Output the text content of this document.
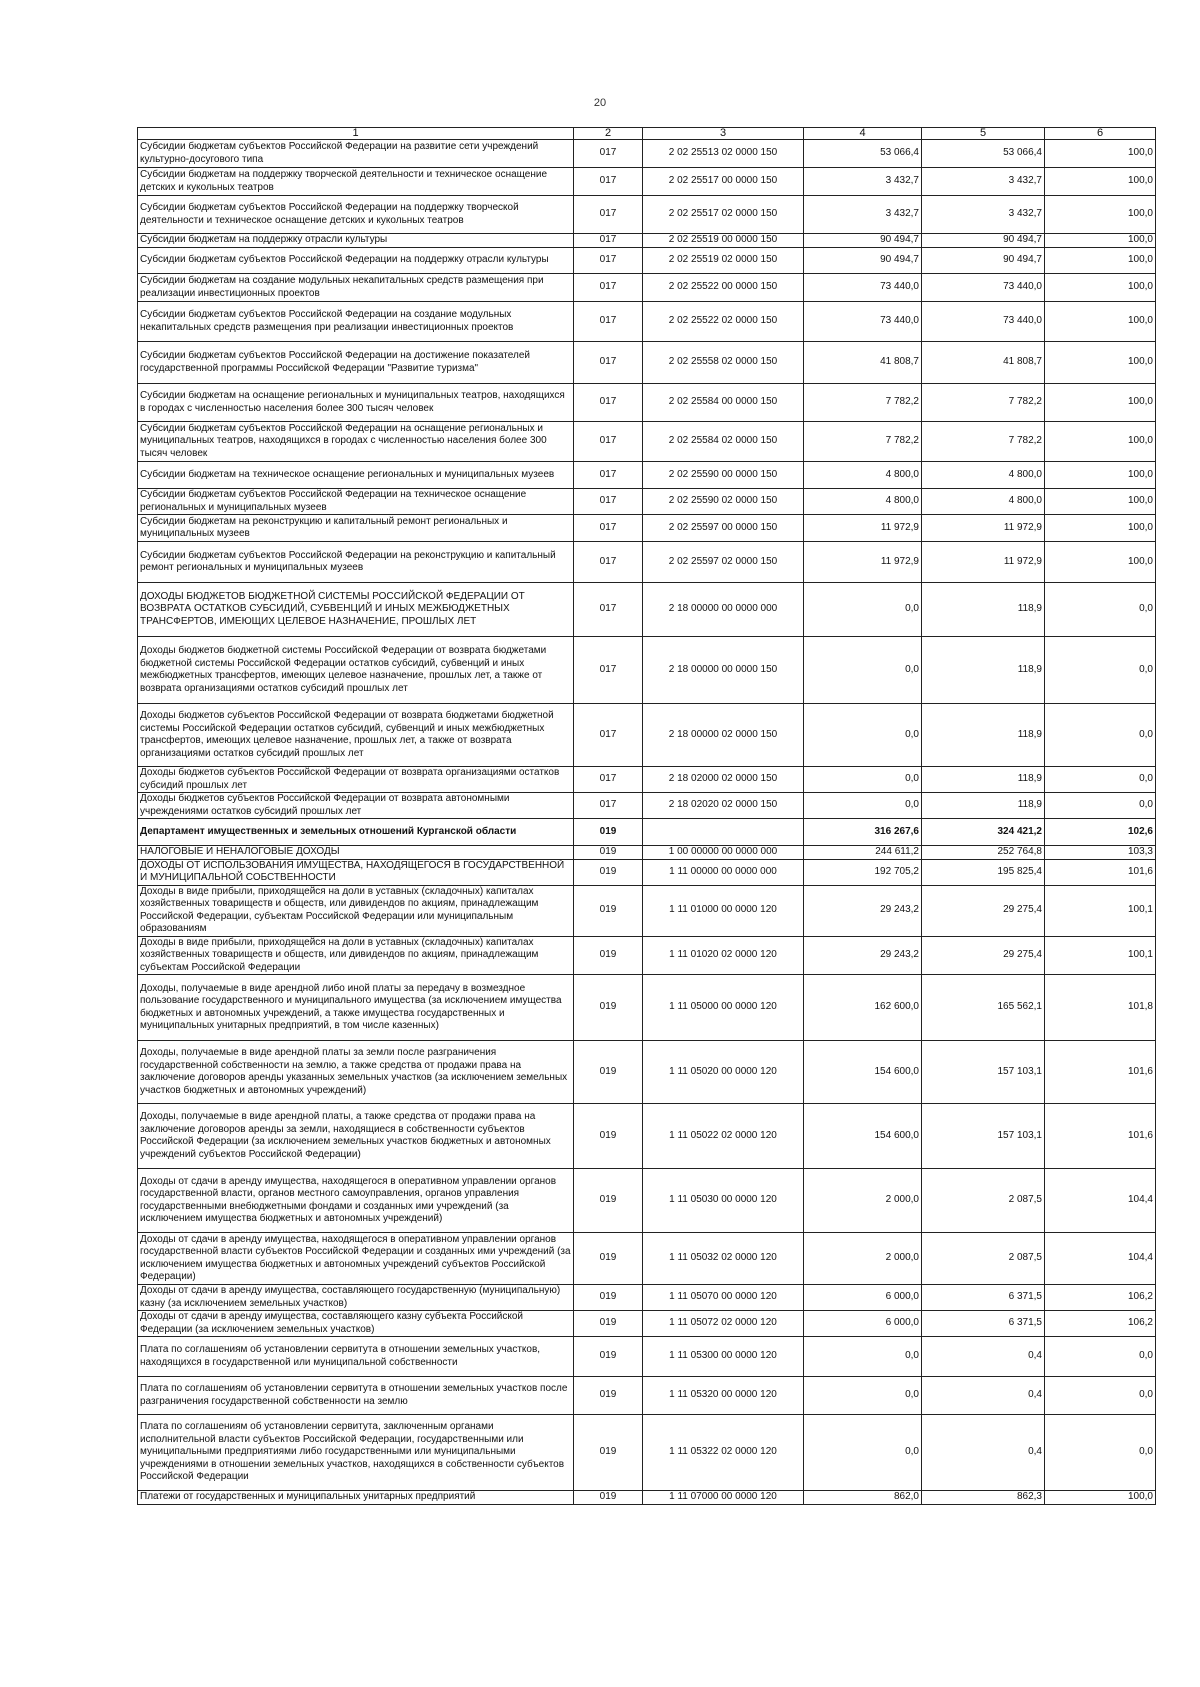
20
1	2	3	4	5	6
Субсидии бюджетам субъектов Российской Федерации на развитие сети учреждений культурно-досугового типа	017	2 02 25513 02 0000 150	53 066,4	53 066,4	100,0
Субсидии бюджетам на поддержку творческой деятельности и техническое оснащение детских и кукольных театров	017	2 02 25517 00 0000 150	3 432,7	3 432,7	100,0
Субсидии бюджетам субъектов Российской Федерации на поддержку творческой деятельности и техническое оснащение детских и кукольных театров	017	2 02 25517 02 0000 150	3 432,7	3 432,7	100,0
Субсидии бюджетам на поддержку отрасли культуры	017	2 02 25519 00 0000 150	90 494,7	90 494,7	100,0
Субсидии бюджетам субъектов Российской Федерации на поддержку отрасли культуры	017	2 02 25519 02 0000 150	90 494,7	90 494,7	100,0
Субсидии бюджетам на создание модульных некапитальных средств размещения при реализации инвестиционных проектов	017	2 02 25522 00 0000 150	73 440,0	73 440,0	100,0
Субсидии бюджетам субъектов Российской Федерации на создание модульных некапитальных средств размещения при реализации инвестиционных проектов	017	2 02 25522 02 0000 150	73 440,0	73 440,0	100,0
Субсидии бюджетам субъектов Российской Федерации на достижение показателей государственной программы Российской Федерации "Развитие туризма"	017	2 02 25558 02 0000 150	41 808,7	41 808,7	100,0
Субсидии бюджетам на оснащение региональных и муниципальных театров, находящихся в городах с численностью населения более 300 тысяч человек	017	2 02 25584 00 0000 150	7 782,2	7 782,2	100,0
Субсидии бюджетам субъектов Российской Федерации на оснащение региональных и муниципальных театров, находящихся в городах с численностью населения более 300 тысяч человек	017	2 02 25584 02 0000 150	7 782,2	7 782,2	100,0
Субсидии бюджетам на техническое оснащение региональных и муниципальных музеев	017	2 02 25590 00 0000 150	4 800,0	4 800,0	100,0
Субсидии бюджетам субъектов Российской Федерации на техническое оснащение региональных и муниципальных музеев	017	2 02 25590 02 0000 150	4 800,0	4 800,0	100,0
Субсидии бюджетам на реконструкцию и капитальный ремонт региональных и муниципальных музеев	017	2 02 25597 00 0000 150	11 972,9	11 972,9	100,0
Субсидии бюджетам субъектов Российской Федерации на реконструкцию и капитальный ремонт региональных и муниципальных музеев	017	2 02 25597 02 0000 150	11 972,9	11 972,9	100,0
ДОХОДЫ БЮДЖЕТОВ БЮДЖЕТНОЙ СИСТЕМЫ РОССИЙСКОЙ ФЕДЕРАЦИИ ОТ ВОЗВРАТА ОСТАТКОВ СУБСИДИЙ, СУБВЕНЦИЙ И ИНЫХ МЕЖБЮДЖЕТНЫХ ТРАНСФЕРТОВ, ИМЕЮЩИХ ЦЕЛЕВОЕ НАЗНАЧЕНИЕ, ПРОШЛЫХ ЛЕТ	017	2 18 00000 00 0000 000	0,0	118,9	0,0
Доходы бюджетов бюджетной системы Российской Федерации от возврата бюджетами бюджетной системы Российской Федерации остатков субсидий, субвенций и иных межбюджетных трансфертов, имеющих целевое назначение, прошлых лет, а также от возврата организациями остатков субсидий прошлых лет	017	2 18 00000 00 0000 150	0,0	118,9	0,0
Доходы бюджетов субъектов Российской Федерации от возврата бюджетами бюджетной системы Российской Федерации остатков субсидий, субвенций и иных межбюджетных трансфертов, имеющих целевое назначение, прошлых лет, а также от возврата организациями остатков субсидий прошлых лет	017	2 18 00000 02 0000 150	0,0	118,9	0,0
Доходы бюджетов субъектов Российской Федерации от возврата организациями остатков субсидий прошлых лет	017	2 18 02000 02 0000 150	0,0	118,9	0,0
Доходы бюджетов субъектов Российской Федерации от возврата автономными учреждениями остатков субсидий прошлых лет	017	2 18 02020 02 0000 150	0,0	118,9	0,0
Департамент имущественных и земельных отношений Курганской области	019		316 267,6	324 421,2	102,6
НАЛОГОВЫЕ И НЕНАЛОГОВЫЕ ДОХОДЫ	019	1 00 00000 00 0000 000	244 611,2	252 764,8	103,3
ДОХОДЫ ОТ ИСПОЛЬЗОВАНИЯ ИМУЩЕСТВА, НАХОДЯЩЕГОСЯ В ГОСУДАРСТВЕННОЙ И МУНИЦИПАЛЬНОЙ СОБСТВЕННОСТИ	019	1 11 00000 00 0000 000	192 705,2	195 825,4	101,6
Доходы в виде прибыли, приходящейся на доли в уставных (складочных) капиталах хозяйственных товариществ и обществ, или дивидендов по акциям, принадлежащим Российской Федерации, субъектам Российской Федерации или муниципальным образованиям	019	1 11 01000 00 0000 120	29 243,2	29 275,4	100,1
Доходы в виде прибыли, приходящейся на доли в уставных (складочных) капиталах хозяйственных товариществ и обществ, или дивидендов по акциям, принадлежащим субъектам Российской Федерации	019	1 11 01020 02 0000 120	29 243,2	29 275,4	100,1
Доходы, получаемые в виде арендной либо иной платы за передачу в возмездное пользование государственного и муниципального имущества (за исключением имущества бюджетных и автономных учреждений, а также имущества государственных и муниципальных унитарных предприятий, в том числе казенных)	019	1 11 05000 00 0000 120	162 600,0	165 562,1	101,8
Доходы, получаемые в виде арендной платы за земли после разграничения государственной собственности на землю, а также средства от продажи права на заключение договоров аренды указанных земельных участков (за исключением земельных участков бюджетных и автономных учреждений)	019	1 11 05020 00 0000 120	154 600,0	157 103,1	101,6
Доходы, получаемые в виде арендной платы, а также средства от продажи права на заключение договоров аренды за земли, находящиеся в собственности субъектов Российской Федерации (за исключением земельных участков бюджетных и автономных учреждений субъектов Российской Федерации)	019	1 11 05022 02 0000 120	154 600,0	157 103,1	101,6
Доходы от сдачи в аренду имущества, находящегося в оперативном управлении органов государственной власти, органов местного самоуправления, органов управления государственными внебюджетными фондами и созданных ими учреждений (за исключением имущества бюджетных и автономных учреждений)	019	1 11 05030 00 0000 120	2 000,0	2 087,5	104,4
Доходы от сдачи в аренду имущества, находящегося в оперативном управлении органов государственной власти субъектов Российской Федерации и созданных ими учреждений (за исключением имущества бюджетных и автономных учреждений субъектов Российской Федерации)	019	1 11 05032 02 0000 120	2 000,0	2 087,5	104,4
Доходы от сдачи в аренду имущества, составляющего государственную (муниципальную) казну (за исключением земельных участков)	019	1 11 05070 00 0000 120	6 000,0	6 371,5	106,2
Доходы от сдачи в аренду имущества, составляющего казну субъекта Российской Федерации (за исключением земельных участков)	019	1 11 05072 02 0000 120	6 000,0	6 371,5	106,2
Плата по соглашениям об установлении сервитута в отношении земельных участков, находящихся в государственной или муниципальной собственности	019	1 11 05300 00 0000 120	0,0	0,4	0,0
Плата по соглашениям об установлении сервитута в отношении земельных участков после разграничения государственной собственности на землю	019	1 11 05320 00 0000 120	0,0	0,4	0,0
Плата по соглашениям об установлении сервитута, заключенным органами исполнительной власти субъектов Российской Федерации, государственными или муниципальными предприятиями либо государственными или муниципальными учреждениями в отношении земельных участков, находящихся в собственности субъектов Российской Федерации	019	1 11 05322 02 0000 120	0,0	0,4	0,0
Платежи от государственных и муниципальных унитарных предприятий	019	1 11 07000 00 0000 120	862,0	862,3	100,0
